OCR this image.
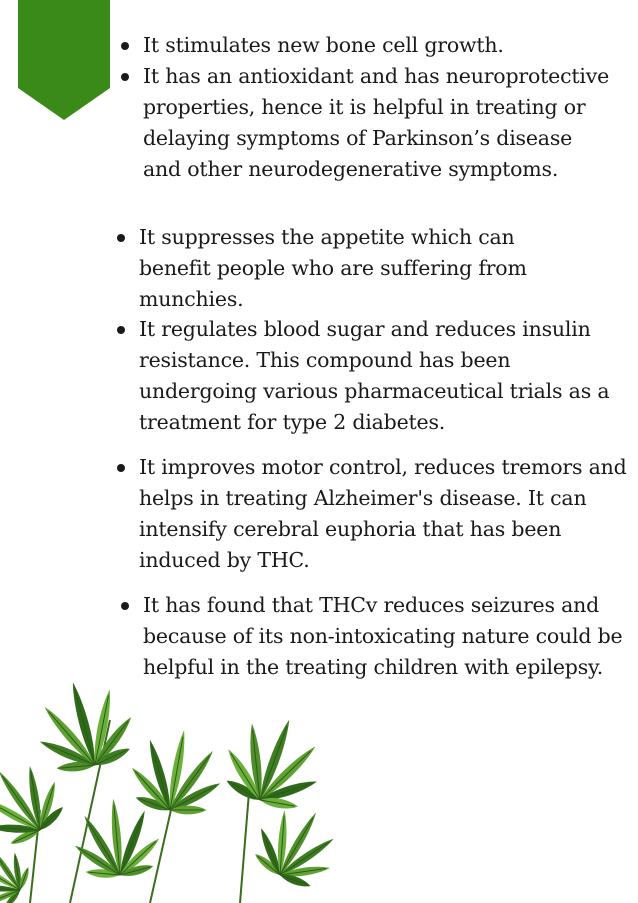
It stimulates new bone cell growth.
It has an antioxidant and has neuroprotective properties, hence it is helpful in treating or delaying symptoms of Parkinson’s disease and other neurodegenerative symptoms.
It suppresses the appetite which can benefit people who are suffering from munchies.
It regulates blood sugar and reduces insulin resistance. This compound has been undergoing various pharmaceutical trials as a treatment for type 2 diabetes.
It improves motor control, reduces tremors and helps in treating Alzheimer's disease. It can intensify cerebral euphoria that has been induced by THC.
It has found that THCv reduces seizures and because of its non-intoxicating nature could be helpful in the treating children with epilepsy.
